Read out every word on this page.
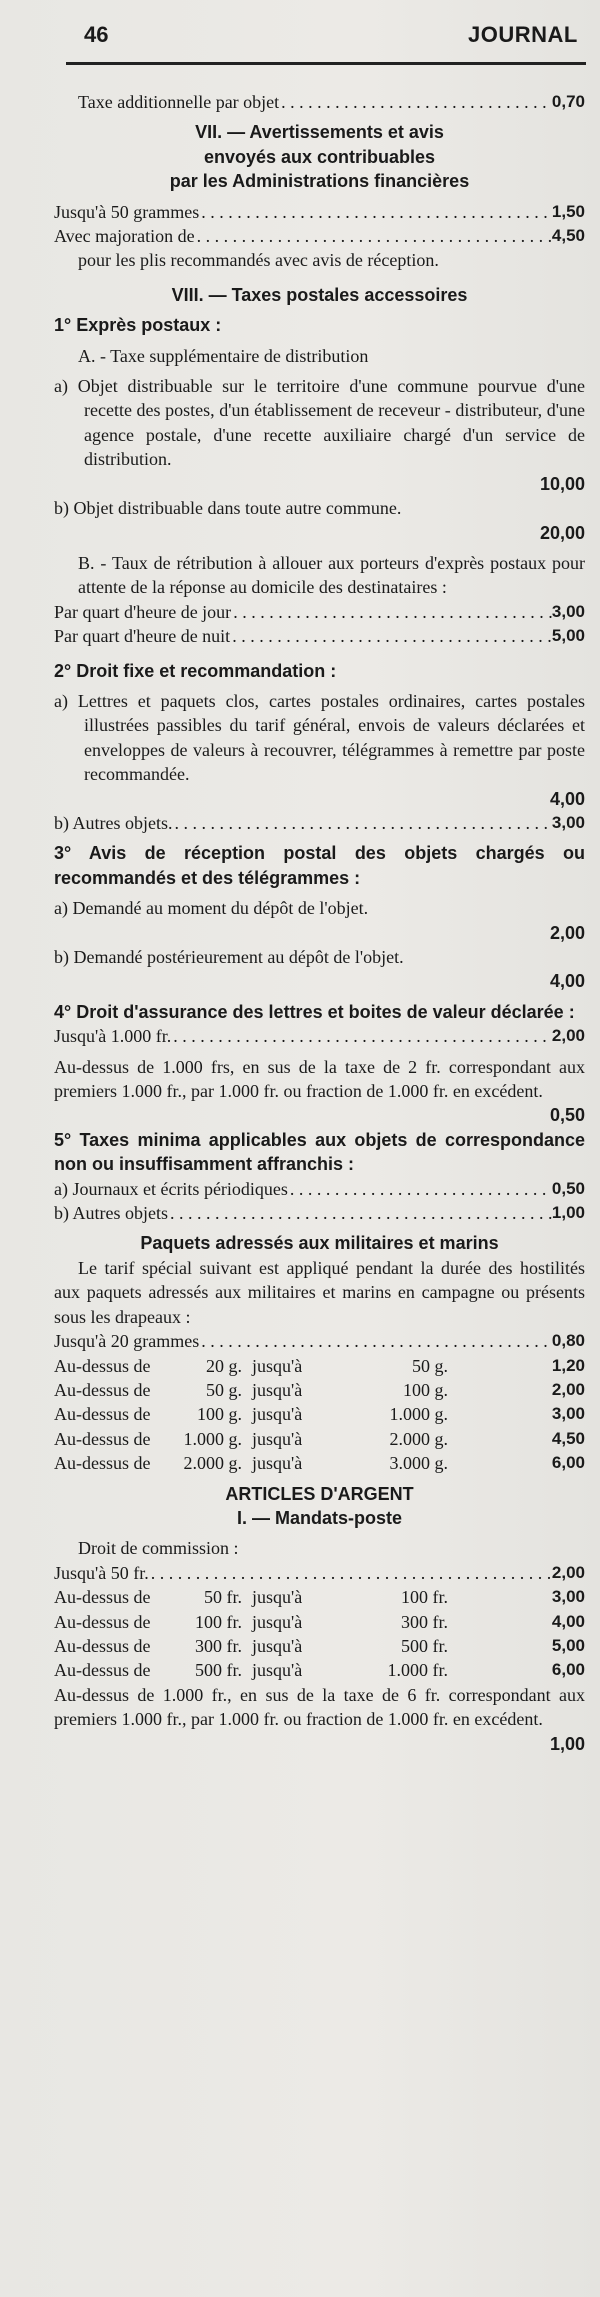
46	JOURNAL
Taxe additionnelle par objet . . .	0,70
VII. — Avertissements et avis
envoyés aux contribuables
par les Administrations financières
Jusqu'à 50 grammes . . .	1,50
Avec majoration de . . .	4,50
pour les plis recommandés avec avis de réception.
VIII. — Taxes postales accessoires
1° Exprès postaux :
A. - Taxe supplémentaire de distribution
a) Objet distribuable sur le territoire d'une commune pourvue d'une recette des postes, d'un établissement de receveur - distributeur, d'une agence postale, d'une recette auxiliaire chargé d'un service de distribution.
10,00
b) Objet distribuable dans toute autre commune.
20,00
B. - Taux de rétribution à allouer aux porteurs d'exprès postaux pour attente de la réponse au domicile des destinataires :
Par quart d'heure de jour . . .	3,00
Par quart d'heure de nuit . . .	5,00
2° Droit fixe et recommandation :
a) Lettres et paquets clos, cartes postales ordinaires, cartes postales illustrées passibles du tarif général, envois de valeurs déclarées et enveloppes de valeurs à recouvrer, télégrammes à remettre par poste recommandée.
4,00
b) Autres objets. . . .	3,00
3° Avis de réception postal des objets chargés ou recommandés et des télégrammes :
a) Demandé au moment du dépôt de l'objet.
2,00
b) Demandé postérieurement au dépôt de l'objet.
4,00
4° Droit d'assurance des lettres et boites de valeur déclarée :
Jusqu'à 1.000 fr. . . .	2,00
Au-dessus de 1.000 frs, en sus de la taxe de 2 fr. correspondant aux premiers 1.000 fr., par 1.000 fr. ou fraction de 1.000 fr. en excédent.
0,50
5° Taxes minima applicables aux objets de correspondance non ou insuffisamment affranchis :
a) Journaux et écrits périodiques . . .	0,50
b) Autres objets . . .	1,00
Paquets adressés aux militaires et marins
Le tarif spécial suivant est appliqué pendant la durée des hostilités aux paquets adressés aux militaires et marins en campagne ou présents sous les drapeaux :
Jusqu'à 20 grammes . . .	0,80
Au-dessus de	20 g. jusqu'à	50 g.	1,20
Au-dessus de	50 g. jusqu'à	100 g.	2,00
Au-dessus de	100 g. jusqu'à	1.000 g.	3,00
Au-dessus de	1.000 g. jusqu'à	2.000 g.	4,50
Au-dessus de	2.000 g. jusqu'à	3.000 g.	6,00
ARTICLES D'ARGENT
I. — Mandats-poste
Droit de commission :
Jusqu'à 50 fr. . . .	2,00
Au-dessus de	50 fr. jusqu'à	100 fr.	3,00
Au-dessus de	100 fr. jusqu'à	300 fr.	4,00
Au-dessus de	300 fr. jusqu'à	500 fr.	5,00
Au-dessus de	500 fr. jusqu'à	1.000 fr.	6,00
Au-dessus de 1.000 fr., en sus de la taxe de 6 fr. correspondant aux premiers 1.000 fr., par 1.000 fr. ou fraction de 1.000 fr. en excédent.
1,00
